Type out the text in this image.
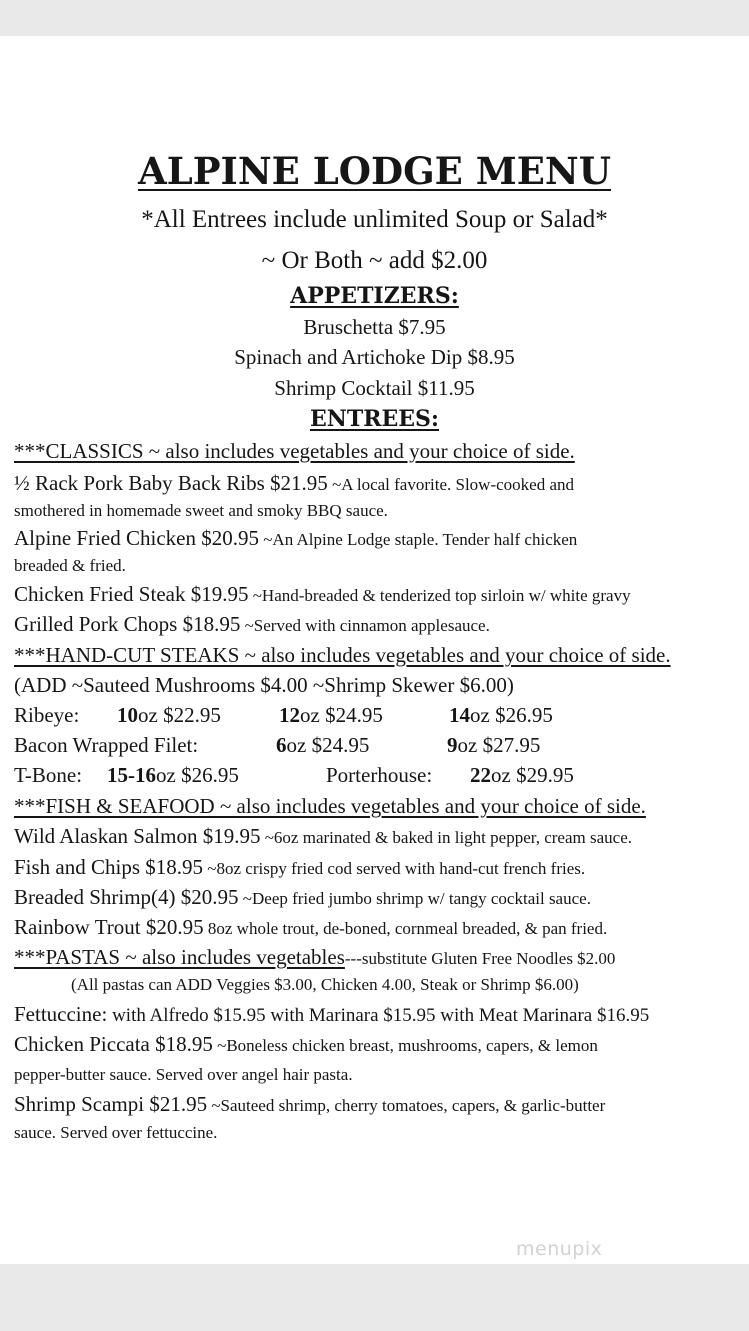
ALPINE LODGE MENU
*All Entrees include unlimited Soup or Salad*
~ Or Both ~ add $2.00
APPETIZERS:
Bruschetta $7.95
Spinach and Artichoke Dip $8.95
Shrimp Cocktail $11.95
ENTREES:
***CLASSICS ~ also includes vegetables and your choice of side.
½ Rack Pork Baby Back Ribs $21.95 ~A local favorite. Slow-cooked and
smothered in homemade sweet and smoky BBQ sauce.
Alpine Fried Chicken $20.95 ~An Alpine Lodge staple. Tender half chicken
breaded & fried.
Chicken Fried Steak $19.95 ~Hand-breaded & tenderized top sirloin w/ white gravy
Grilled Pork Chops $18.95 ~Served with cinnamon applesauce.
***HAND-CUT STEAKS ~ also includes vegetables and your choice of side.
(ADD ~Sauteed Mushrooms $4.00 ~Shrimp Skewer $6.00)
Ribeye: 10oz $22.95	12oz $24.95	14oz $26.95
Bacon Wrapped Filet:	6oz $24.95	9oz $27.95
T-Bone: 15-16oz $26.95	Porterhouse: 22oz $29.95
***FISH & SEAFOOD ~ also includes vegetables and your choice of side.
Wild Alaskan Salmon $19.95 ~6oz marinated & baked in light pepper, cream sauce.
Fish and Chips $18.95 ~8oz crispy fried cod served with hand-cut french fries.
Breaded Shrimp(4) $20.95 ~Deep fried jumbo shrimp w/ tangy cocktail sauce.
Rainbow Trout $20.95 8oz whole trout, de-boned, cornmeal breaded, & pan fried.
***PASTAS ~ also includes vegetables---substitute Gluten Free Noodles $2.00
(All pastas can ADD Veggies $3.00, Chicken 4.00, Steak or Shrimp $6.00)
Fettuccine: with Alfredo $15.95 with Marinara $15.95 with Meat Marinara $16.95
Chicken Piccata $18.95 ~Boneless chicken breast, mushrooms, capers, & lemon
pepper-butter sauce. Served over angel hair pasta.
Shrimp Scampi $21.95 ~Sauteed shrimp, cherry tomatoes, capers, & garlic-butter
sauce. Served over fettuccine.
menupix
